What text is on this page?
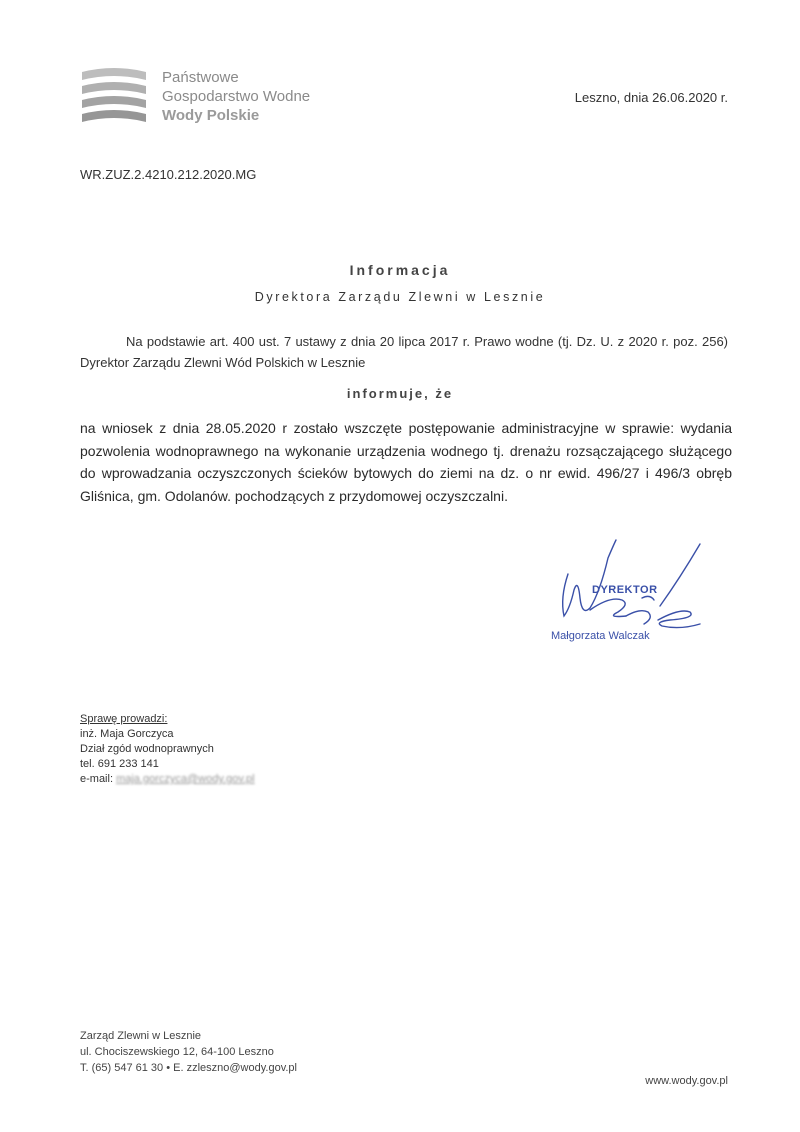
Państwowe
Gospodarstwo Wodne
Wody Polskie
Leszno, dnia 26.06.2020 r.
WR.ZUZ.2.4210.212.2020.MG
Informacja
Dyrektora Zarządu Zlewni w Lesznie
Na podstawie art. 400 ust. 7 ustawy z dnia 20 lipca 2017 r. Prawo wodne (tj. Dz. U. z 2020 r. poz. 256) Dyrektor Zarządu Zlewni Wód Polskich w Lesznie
informuje, że
na wniosek z dnia 28.05.2020 r zostało wszczęte postępowanie administracyjne w sprawie: wydania pozwolenia wodnoprawnego na wykonanie urządzenia wodnego tj. drenażu rozsączającego służącego do wprowadzania oczyszczonych ścieków bytowych do ziemi na dz. o nr ewid. 496/27 i 496/3 obręb Gliśnica, gm. Odolanów. pochodzących z przydomowej oczyszczalni.
DYREKTOR
Małgorzata Walczak
Sprawę prowadzi:
inż. Maja Gorczyca
Dział zgód wodnoprawnych
tel. 691 233 141
e-mail: maja.gorczyca@wody.gov.pl
Zarząd Zlewni w Lesznie
ul. Chociszewskiego 12, 64-100 Leszno
T. (65) 547 61 30 • E. zzleszno@wody.gov.pl
www.wody.gov.pl
